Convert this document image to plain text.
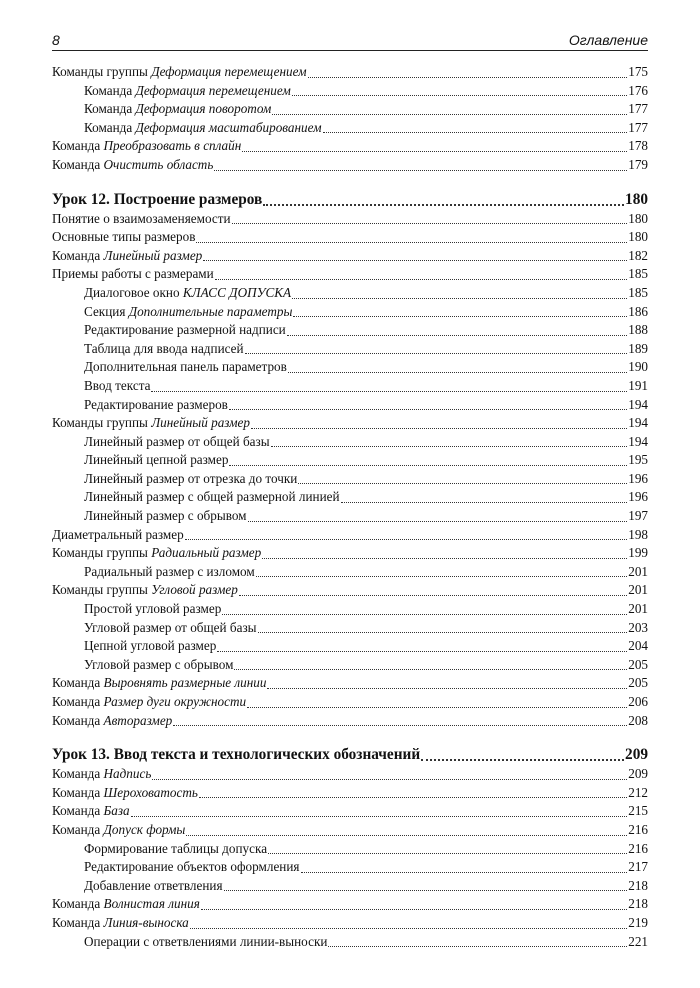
8	Оглавление
Команды группы Деформация перемещением	175
Команда Деформация перемещением	176
Команда Деформация поворотом	177
Команда Деформация масштабированием	177
Команда Преобразовать в сплайн	178
Команда Очистить область	179
Урок 12. Построение размеров	180
Понятие о взаимозаменяемости	180
Основные типы размеров	180
Команда Линейный размер	182
Приемы работы с размерами	185
Диалоговое окно КЛАСС ДОПУСКА	185
Секция Дополнительные параметры	186
Редактирование размерной надписи	188
Таблица для ввода надписей	189
Дополнительная панель параметров	190
Ввод текста	191
Редактирование размеров	194
Команды группы Линейный размер	194
Линейный размер от общей базы	194
Линейный цепной размер	195
Линейный размер от отрезка до точки	196
Линейный размер с общей размерной линией	196
Линейный размер с обрывом	197
Диаметральный размер	198
Команды группы Радиальный размер	199
Радиальный размер с изломом	201
Команды группы Угловой размер	201
Простой угловой размер	201
Угловой размер от общей базы	203
Цепной угловой размер	204
Угловой размер с обрывом	205
Команда Выровнять размерные линии	205
Команда Размер дуги окружности	206
Команда Авторазмер	208
Урок 13. Ввод текста и технологических обозначений	209
Команда Надпись	209
Команда Шероховатость	212
Команда База	215
Команда Допуск формы	216
Формирование таблицы допуска	216
Редактирование объектов оформления	217
Добавление ответвления	218
Команда Волнистая линия	218
Команда Линия-выноска	219
Операции с ответвлениями линии-выноски	221
